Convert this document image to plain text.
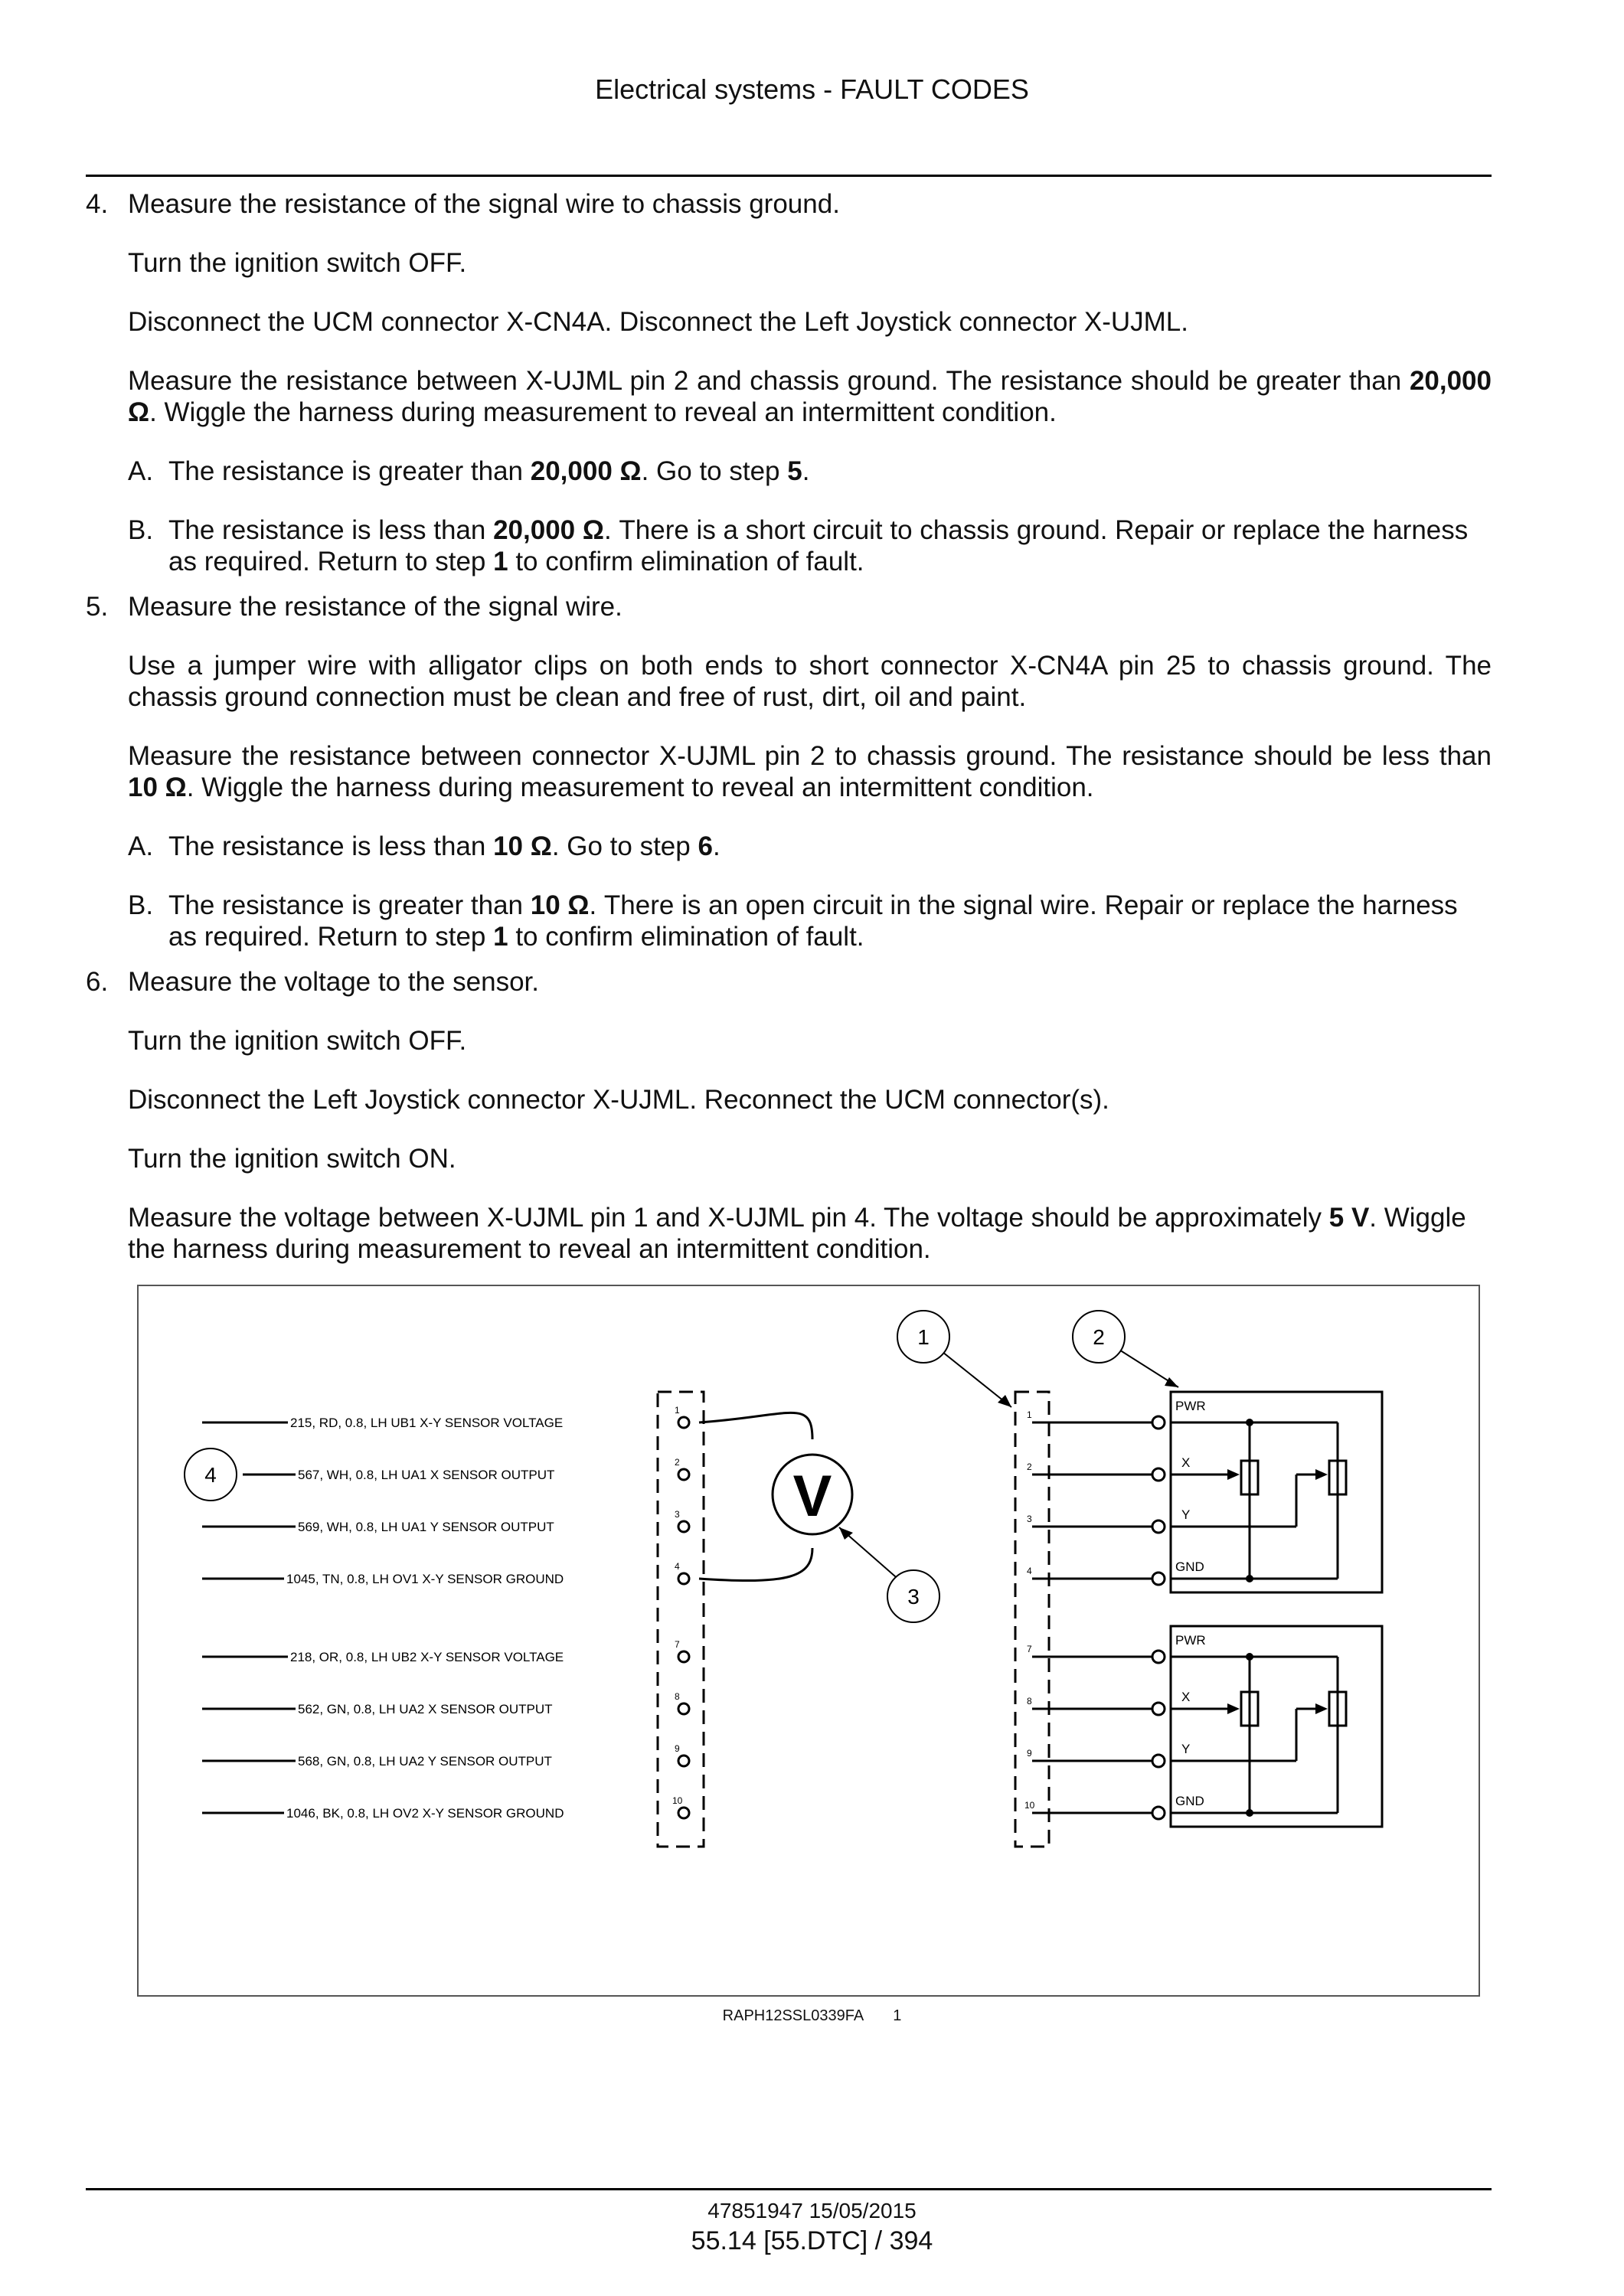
Electrical systems - FAULT CODES
4. Measure the resistance of the signal wire to chassis ground.

Turn the ignition switch OFF.

Disconnect the UCM connector X-CN4A. Disconnect the Left Joystick connector X-UJML.

Measure the resistance between X-UJML pin 2 and chassis ground. The resistance should be greater than 20,000 Ω. Wiggle the harness during measurement to reveal an intermittent condition.

A. The resistance is greater than 20,000 Ω. Go to step 5.

B. The resistance is less than 20,000 Ω. There is a short circuit to chassis ground. Repair or replace the harness as required. Return to step 1 to confirm elimination of fault.

5. Measure the resistance of the signal wire.

Use a jumper wire with alligator clips on both ends to short connector X-CN4A pin 25 to chassis ground. The chassis ground connection must be clean and free of rust, dirt, oil and paint.

Measure the resistance between connector X-UJML pin 2 to chassis ground. The resistance should be less than 10 Ω. Wiggle the harness during measurement to reveal an intermittent condition.

A. The resistance is less than 10 Ω. Go to step 6.

B. The resistance is greater than 10 Ω. There is an open circuit in the signal wire. Repair or replace the harness as required. Return to step 1 to confirm elimination of fault.

6. Measure the voltage to the sensor.

Turn the ignition switch OFF.

Disconnect the Left Joystick connector X-UJML. Reconnect the UCM connector(s).

Turn the ignition switch ON.

Measure the voltage between X-UJML pin 1 and X-UJML pin 4. The voltage should be approximately 5 V. Wiggle the harness during measurement to reveal an intermittent condition.

215, RD, 0.8, LH UB1 X-Y SENSOR VOLTAGE
567, WH, 0.8, LH UA1 X SENSOR OUTPUT
569, WH, 0.8, LH UA1 Y SENSOR OUTPUT
1045, TN, 0.8, LH OV1 X-Y SENSOR GROUND
218, OR, 0.8, LH UB2 X-Y SENSOR VOLTAGE
562, GN, 0.8, LH UA2 X SENSOR OUTPUT
568, GN, 0.8, LH UA2 Y SENSOR OUTPUT
1046, BK, 0.8, LH OV2 X-Y SENSOR GROUND
1
2
3
4
7
8
9
10
1
2
3
4
7
8
9
10
PWR
X
Y
GND
PWR
X
Y
GND
V
1	2
3
4
RAPH12SSL0339FA 1
47851947 15/05/2015
55.14 [55.DTC] / 394
